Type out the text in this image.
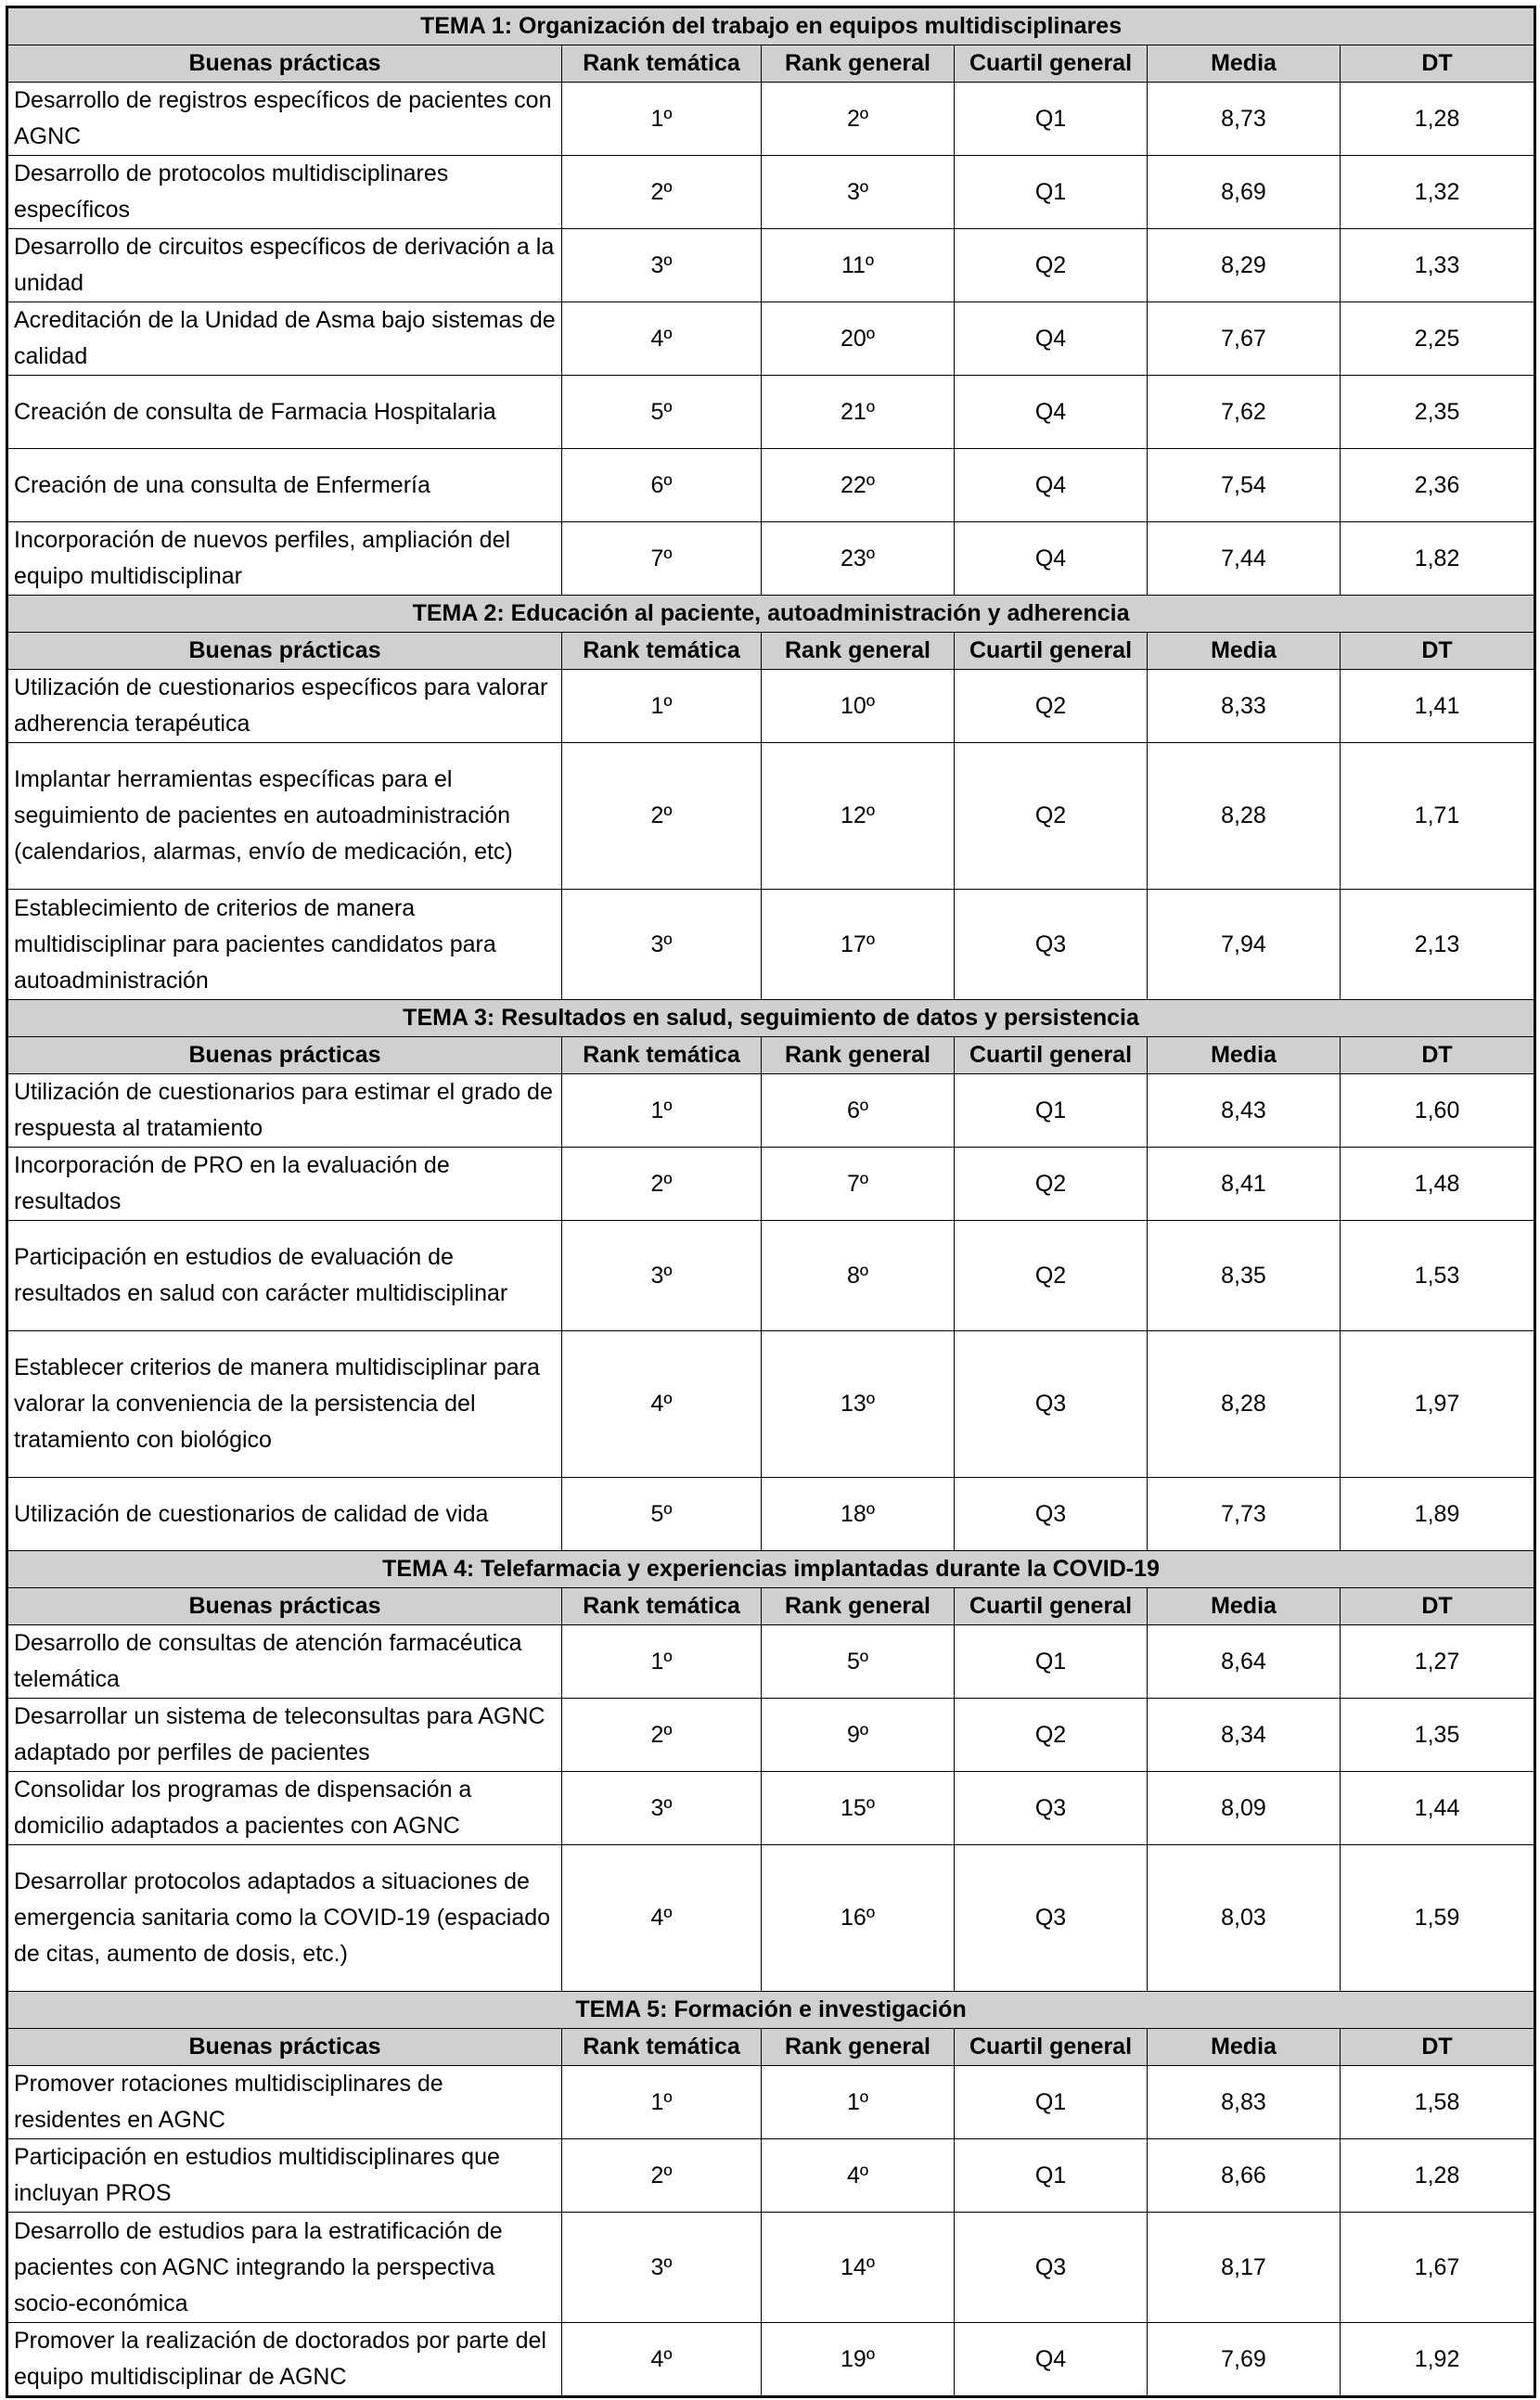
TEMA 1: Organización del trabajo en equipos multidisciplinares					
Buenas prácticas	Rank temática	Rank general	Cuartil general	Media	DT
Desarrollo de registros específicos de pacientes con AGNC	1º	2º	Q1	8,73	1,28
Desarrollo de protocolos multidisciplinares específicos	2º	3º	Q1	8,69	1,32
Desarrollo de circuitos específicos de derivación a la unidad	3º	11º	Q2	8,29	1,33
Acreditación de la Unidad de Asma bajo sistemas de calidad	4º	20º	Q4	7,67	2,25
Creación de consulta de Farmacia Hospitalaria	5º	21º	Q4	7,62	2,35
Creación de una consulta de Enfermería	6º	22º	Q4	7,54	2,36
Incorporación de nuevos perfiles, ampliación del equipo multidisciplinar	7º	23º	Q4	7,44	1,82
TEMA 2: Educación al paciente, autoadministración y adherencia					
Buenas prácticas	Rank temática	Rank general	Cuartil general	Media	DT
Utilización de cuestionarios específicos para valorar adherencia terapéutica	1º	10º	Q2	8,33	1,41
Implantar herramientas específicas para el seguimiento de pacientes en autoadministración (calendarios, alarmas, envío de medicación, etc)	2º	12º	Q2	8,28	1,71
Establecimiento de criterios de manera multidisciplinar para pacientes candidatos para autoadministración	3º	17º	Q3	7,94	2,13
TEMA 3: Resultados en salud, seguimiento de datos y persistencia					
Buenas prácticas	Rank temática	Rank general	Cuartil general	Media	DT
Utilización de cuestionarios para estimar el grado de respuesta al tratamiento	1º	6º	Q1	8,43	1,60
Incorporación de PRO en la evaluación de resultados	2º	7º	Q2	8,41	1,48
Participación en estudios de evaluación de resultados en salud con carácter multidisciplinar	3º	8º	Q2	8,35	1,53
Establecer criterios de manera multidisciplinar para valorar la conveniencia de la persistencia del tratamiento con biológico	4º	13º	Q3	8,28	1,97
Utilización de cuestionarios de calidad de vida	5º	18º	Q3	7,73	1,89
TEMA 4: Telefarmacia y experiencias implantadas durante la COVID-19					
Buenas prácticas	Rank temática	Rank general	Cuartil general	Media	DT
Desarrollo de consultas de atención farmacéutica telemática	1º	5º	Q1	8,64	1,27
Desarrollar un sistema de teleconsultas para AGNC adaptado por perfiles de pacientes	2º	9º	Q2	8,34	1,35
Consolidar los programas de dispensación a domicilio adaptados a pacientes con AGNC	3º	15º	Q3	8,09	1,44
Desarrollar protocolos adaptados a situaciones de emergencia sanitaria como la COVID-19 (espaciado de citas, aumento de dosis, etc.)	4º	16º	Q3	8,03	1,59
TEMA 5: Formación e investigación					
Buenas prácticas	Rank temática	Rank general	Cuartil general	Media	DT
Promover rotaciones multidisciplinares de residentes en AGNC	1º	1º	Q1	8,83	1,58
Participación en estudios multidisciplinares que incluyan PROS	2º	4º	Q1	8,66	1,28
Desarrollo de estudios para la estratificación de pacientes con AGNC integrando la perspectiva socio-económica	3º	14º	Q3	8,17	1,67
Promover la realización de doctorados por parte del equipo multidisciplinar de AGNC	4º	19º	Q4	7,69	1,92
